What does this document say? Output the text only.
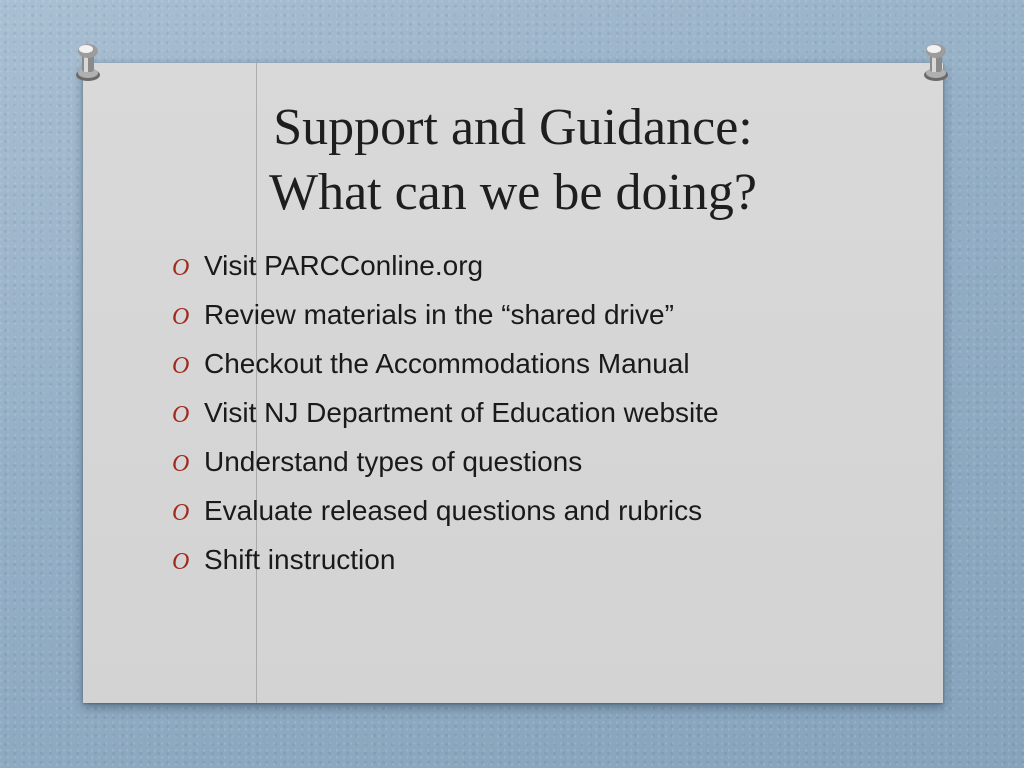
Support and Guidance:
What can we be doing?
O Visit PARCConline.org
O Review materials in the “shared drive”
O Checkout the Accommodations Manual
O Visit NJ Department of Education website
O Understand types of questions
O Evaluate released questions and rubrics
O Shift instruction
